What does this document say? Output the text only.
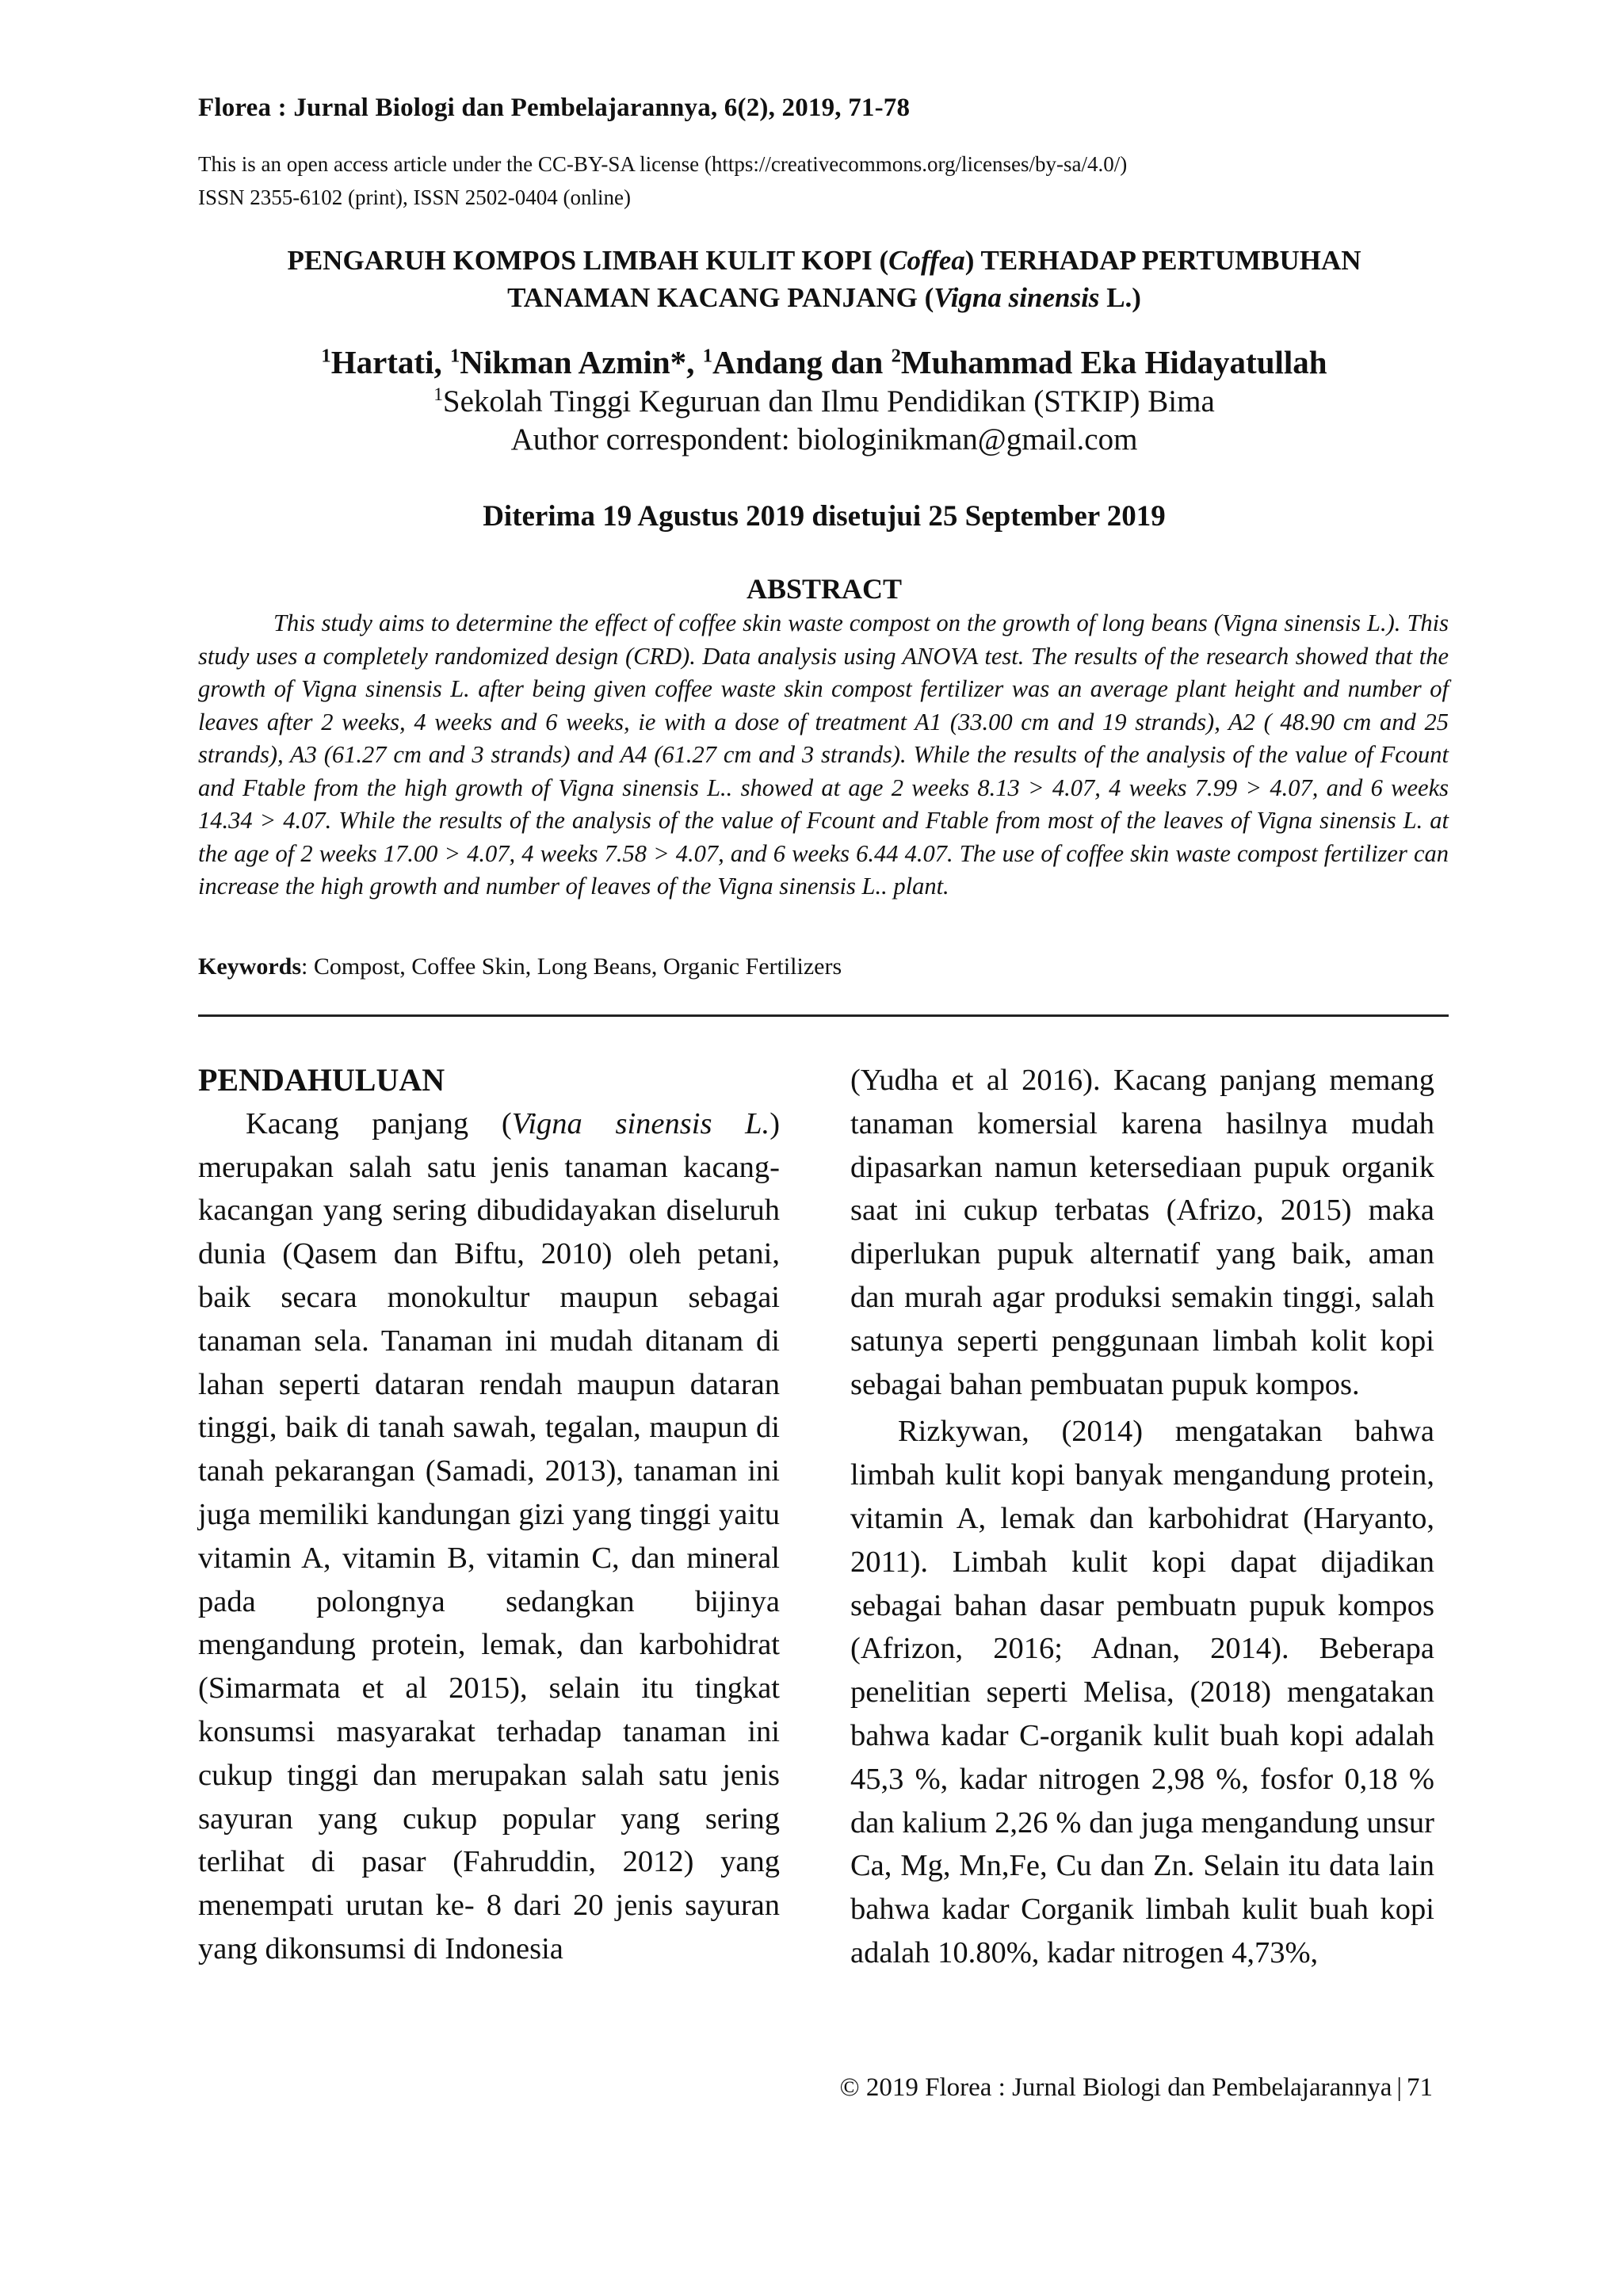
Florea : Jurnal Biologi dan Pembelajarannya, 6(2), 2019, 71-78
This is an open access article under the CC-BY-SA license (https://creativecommons.org/licenses/by-sa/4.0/)
ISSN 2355-6102 (print), ISSN 2502-0404 (online)
PENGARUH KOMPOS LIMBAH KULIT KOPI (Coffea) TERHADAP PERTUMBUHAN
TANAMAN KACANG PANJANG (Vigna sinensis L.)
$^1$Hartati, $^1$Nikman Azmin*, $^1$Andang dan $^2$Muhammad Eka Hidayatullah
$^1$Sekolah Tinggi Keguruan dan Ilmu Pendidikan (STKIP) Bima
Author correspondent: biologinikman@gmail.com
Diterima 19 Agustus 2019 disetujui 25 September 2019
ABSTRACT
This study aims to determine the effect of coffee skin waste compost on the growth of long beans (Vigna sinensis L.). This study uses a completely randomized design (CRD). Data analysis using ANOVA test. The results of the research showed that the growth of Vigna sinensis L. after being given coffee waste skin compost fertilizer was an average plant height and number of leaves after 2 weeks, 4 weeks and 6 weeks, ie with a dose of treatment A1 (33.00 cm and 19 strands), A2 ( 48.90 cm and 25 strands), A3 (61.27 cm and 3 strands) and A4 (61.27 cm and 3 strands). While the results of the analysis of the value of Fcount and Ftable from the high growth of Vigna sinensis L.. showed at age 2 weeks 8.13 > 4.07, 4 weeks 7.99 > 4.07, and 6 weeks 14.34 > 4.07. While the results of the analysis of the value of Fcount and Ftable from most of the leaves of Vigna sinensis L. at the age of 2 weeks 17.00 > 4.07, 4 weeks 7.58 > 4.07, and 6 weeks 6.44 4.07. The use of coffee skin waste compost fertilizer can increase the high growth and number of leaves of the Vigna sinensis L.. plant.
Keywords: Compost, Coffee Skin, Long Beans, Organic Fertilizers
PENDAHULUAN

Kacang panjang (Vigna sinensis L.) merupakan salah satu jenis tanaman kacang-kacangan yang sering dibudidayakan diseluruh dunia (Qasem dan Biftu, 2010) oleh petani, baik secara monokultur maupun sebagai tanaman sela. Tanaman ini mudah ditanam di lahan seperti dataran rendah maupun dataran tinggi, baik di tanah sawah, tegalan, maupun di tanah pekarangan (Samadi, 2013), tanaman ini juga memiliki kandungan gizi yang tinggi yaitu vitamin A, vitamin B, vitamin C, dan mineral pada polongnya sedangkan bijinya mengandung protein, lemak, dan karbohidrat (Simarmata et al 2015), selain itu tingkat konsumsi masyarakat terhadap tanaman ini cukup tinggi dan merupakan salah satu jenis sayuran yang cukup popular yang sering terlihat di pasar (Fahruddin, 2012) yang menempati urutan ke- 8 dari 20 jenis sayuran yang dikonsumsi di Indonesia

(Yudha et al 2016). Kacang panjang memang tanaman komersial karena hasilnya mudah dipasarkan namun ketersediaan pupuk organik saat ini cukup terbatas (Afrizo, 2015) maka diperlukan pupuk alternatif yang baik, aman dan murah agar produksi semakin tinggi, salah satunya seperti penggunaan limbah kolit kopi sebagai bahan pembuatan pupuk kompos.

Rizkywan, (2014) mengatakan bahwa limbah kulit kopi banyak mengandung protein, vitamin A, lemak dan karbohidrat (Haryanto, 2011). Limbah kulit kopi dapat dijadikan sebagai bahan dasar pembuatn pupuk kompos (Afrizon, 2016; Adnan, 2014). Beberapa penelitian seperti Melisa, (2018) mengatakan bahwa kadar C-organik kulit buah kopi adalah 45,3 %, kadar nitrogen 2,98 %, fosfor 0,18 % dan kalium 2,26 % dan juga mengandung unsur Ca, Mg, Mn,Fe, Cu dan Zn. Selain itu data lain bahwa kadar Corganik limbah kulit buah kopi adalah 10.80%, kadar nitrogen 4,73%,

© 2019 Florea : Jurnal Biologi dan Pembelajarannya | 71
